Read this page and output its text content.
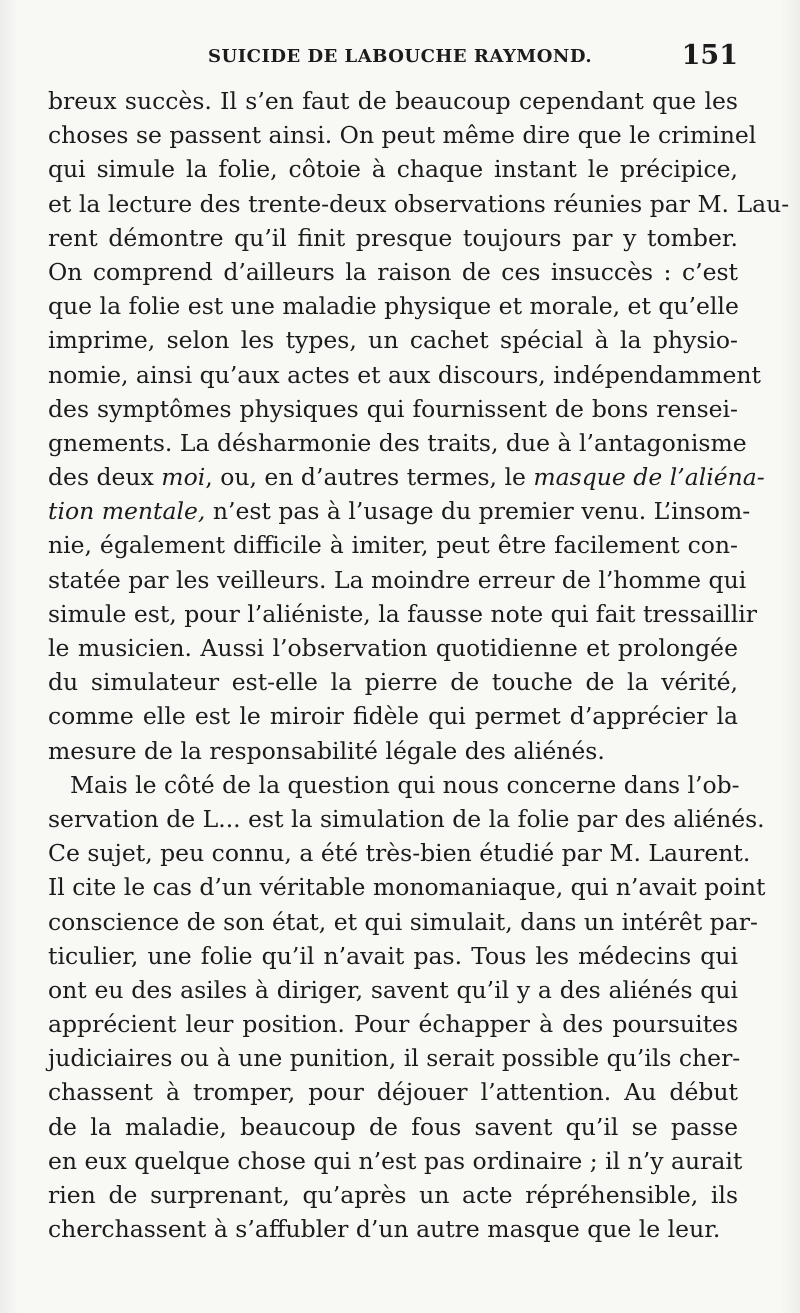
SUICIDE DE LABOUCHE RAYMOND.	151
breux succès. Il s’en faut de beaucoup cependant que les
choses se passent ainsi. On peut même dire que le criminel
qui simule la folie, côtoie à chaque instant le précipice,
et la lecture des trente-deux observations réunies par M. Lau-
rent démontre qu’il finit presque toujours par y tomber.
On comprend d’ailleurs la raison de ces insuccès : c’est
que la folie est une maladie physique et morale, et qu’elle
imprime, selon les types, un cachet spécial à la physio-
nomie, ainsi qu’aux actes et aux discours, indépendamment
des symptômes physiques qui fournissent de bons rensei-
gnements. La désharmonie des traits, due à l’antagonisme
des deux moi, ou, en d’autres termes, le masque de l’aliéna-
tion mentale, n’est pas à l’usage du premier venu. L’insom-
nie, également difficile à imiter, peut être facilement con-
statée par les veilleurs. La moindre erreur de l’homme qui
simule est, pour l’aliéniste, la fausse note qui fait tressaillir
le musicien. Aussi l’observation quotidienne et prolongée
du simulateur est-elle la pierre de touche de la vérité,
comme elle est le miroir fidèle qui permet d’apprécier la
mesure de la responsabilité légale des aliénés.
Mais le côté de la question qui nous concerne dans l’ob-
servation de L... est la simulation de la folie par des aliénés.
Ce sujet, peu connu, a été très-bien étudié par M. Laurent.
Il cite le cas d’un véritable monomaniaque, qui n’avait point
conscience de son état, et qui simulait, dans un intérêt par-
ticulier, une folie qu’il n’avait pas. Tous les médecins qui
ont eu des asiles à diriger, savent qu’il y a des aliénés qui
apprécient leur position. Pour échapper à des poursuites
judiciaires ou à une punition, il serait possible qu’ils cher-
chassent à tromper, pour déjouer l’attention. Au début
de la maladie, beaucoup de fous savent qu’il se passe
en eux quelque chose qui n’est pas ordinaire ; il n’y aurait
rien de surprenant, qu’après un acte répréhensible, ils
cherchassent à s’affubler d’un autre masque que le leur.
